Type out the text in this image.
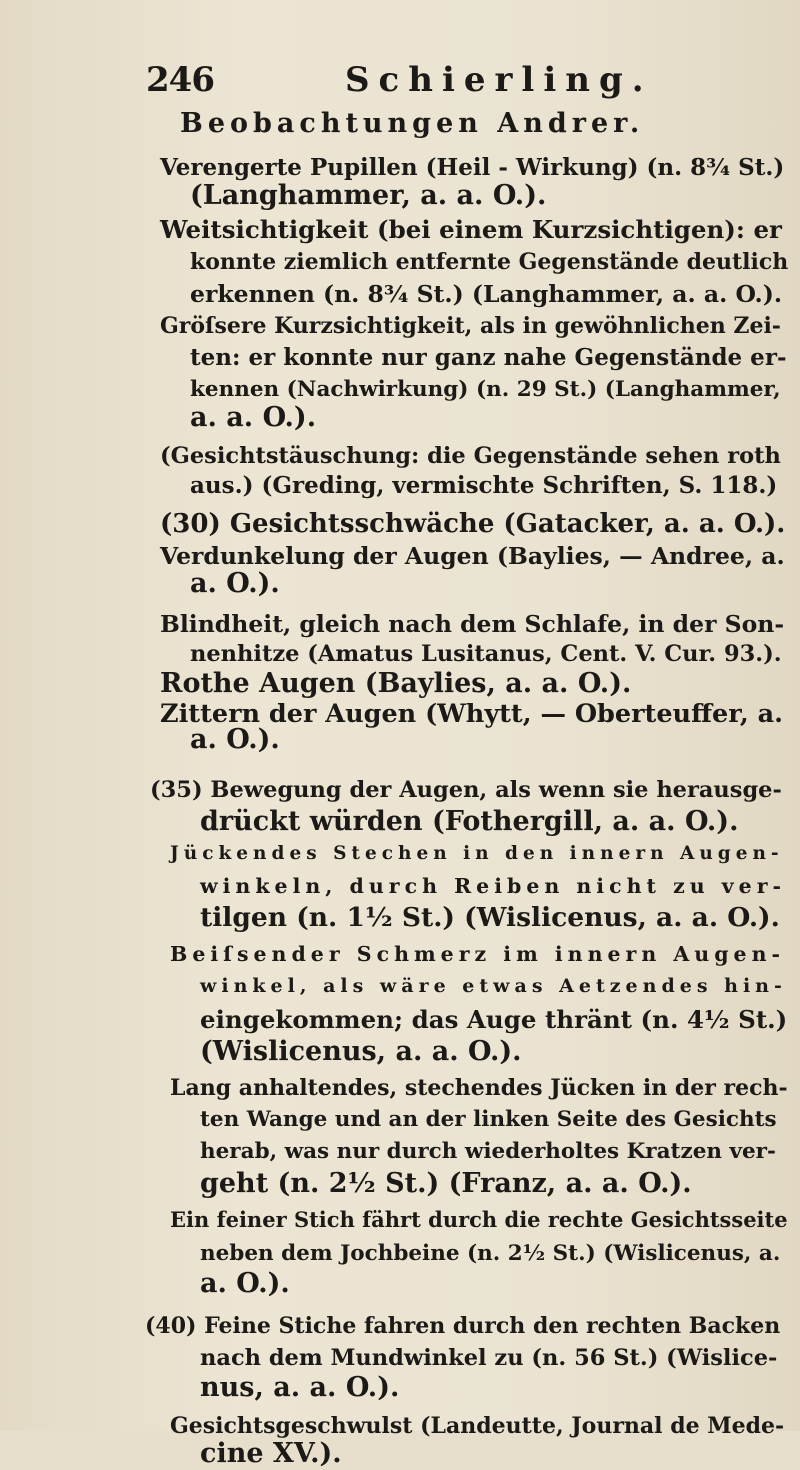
246	Schierling.
Beobachtungen Andrer.
Verengerte Pupillen (Heil - Wirkung) (n. 8¾ St.)
(Langhammer, a. a. O.).
Weitsichtigkeit (bei einem Kurzsichtigen): er
konnte ziemlich entfernte Gegenstände deutlich
erkennen (n. 8¾ St.) (Langhammer, a. a. O.).
Gröſsere Kurzsichtigkeit, als in gewöhnlichen Zei-
ten: er konnte nur ganz nahe Gegenstände er-
kennen (Nachwirkung) (n. 29 St.) (Langhammer,
a. a. O.).
(Gesichtstäuschung: die Gegenstände sehen roth
aus.) (Greding, vermischte Schriften, S. 118.)
(30) Gesichtsschwäche (Gatacker, a. a. O.).
Verdunkelung der Augen (Baylies, — Andree, a.
a. O.).
Blindheit, gleich nach dem Schlafe, in der Son-
nenhitze (Amatus Lusitanus, Cent. V. Cur. 93.).
Rothe Augen (Baylies, a. a. O.).
Zittern der Augen (Whytt, — Oberteuffer, a.
a. O.).
(35) Bewegung der Augen, als wenn sie herausge-
drückt würden (Fothergill, a. a. O.).
Jückendes Stechen in den innern Augen-
winkeln, durch Reiben nicht zu ver-
tilgen (n. 1½ St.) (Wislicenus, a. a. O.).
Beiſsender Schmerz im innern Augen-
winkel, als wäre etwas Aetzendes hin-
eingekommen; das Auge thränt (n. 4½ St.)
(Wislicenus, a. a. O.).
Lang anhaltendes, stechendes Jücken in der rech-
ten Wange und an der linken Seite des Gesichts
herab, was nur durch wiederholtes Kratzen ver-
geht (n. 2½ St.) (Franz, a. a. O.).
Ein feiner Stich fährt durch die rechte Gesichtsseite
neben dem Jochbeine (n. 2½ St.) (Wislicenus, a.
a. O.).
(40) Feine Stiche fahren durch den rechten Backen
nach dem Mundwinkel zu (n. 56 St.) (Wislice-
nus, a. a. O.).
Gesichtsgeschwulst (Landeutte, Journal de Mede-
cine XV.).
